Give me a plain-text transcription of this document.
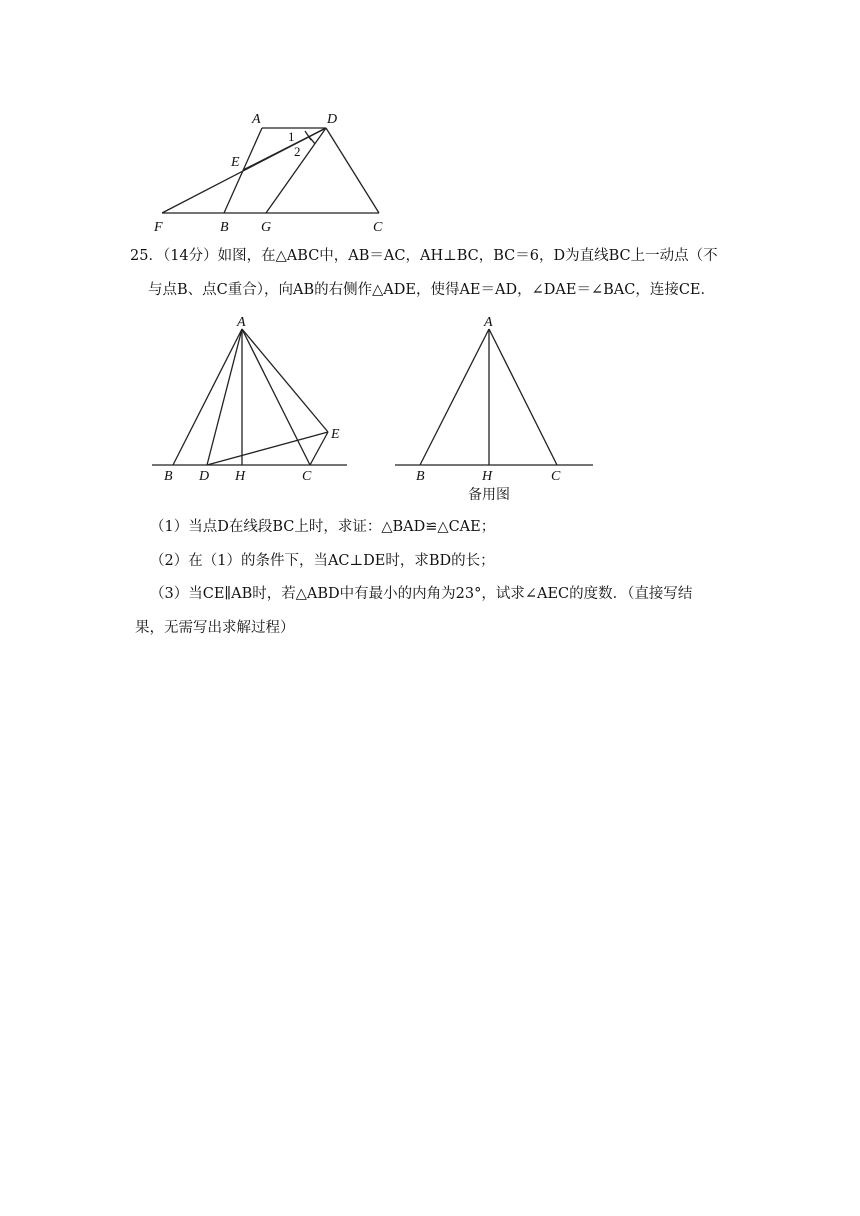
A	D
E
F	B G	C
1
2
25．（14分）如图，在△ABC中，AB＝AC，AH⊥BC，BC＝6，D为直线BC上一动点（不
与点B、点C重合），向AB的右侧作△ADE，使得AE＝AD，∠DAE＝∠BAC，连接CE．
A
B D H	C
E
A
B	H	C
备用图
（1）当点D在线段BC上时，求证：△BAD≌△CAE；
（2）在（1）的条件下，当AC⊥DE时，求BD的长；
（3）当CE∥AB时，若△ABD中有最小的内角为23°，试求∠AEC的度数．（直接写结
果，无需写出求解过程）
